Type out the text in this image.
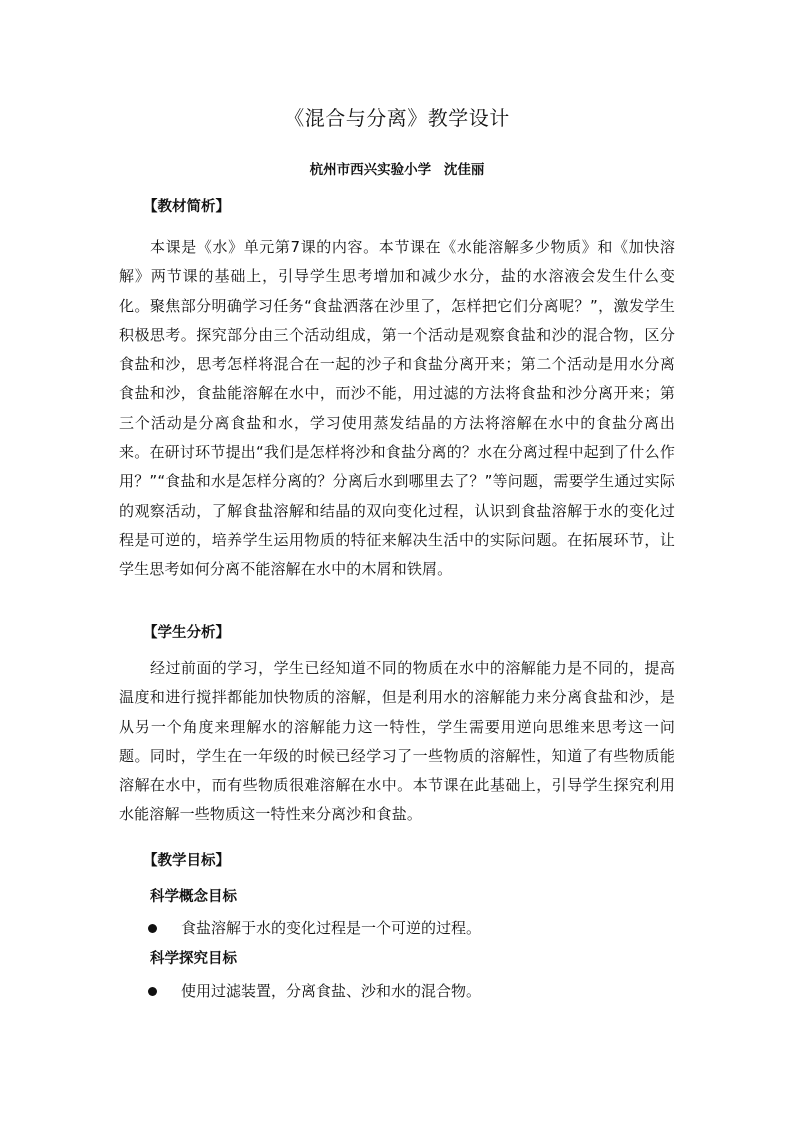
《混合与分离》教学设计
杭州市西兴实验小学 沈佳丽
【教材简析】

本课是《水》单元第7课的内容。本节课在《水能溶解多少物质》和《加快溶解》两节课的基础上，引导学生思考增加和减少水分，盐的水溶液会发生什么变化。聚焦部分明确学习任务“食盐洒落在沙里了，怎样把它们分离呢？”，激发学生积极思考。探究部分由三个活动组成，第一个活动是观察食盐和沙的混合物，区分食盐和沙，思考怎样将混合在一起的沙子和食盐分离开来；第二个活动是用水分离食盐和沙，食盐能溶解在水中，而沙不能，用过滤的方法将食盐和沙分离开来；第三个活动是分离食盐和水，学习使用蒸发结晶的方法将溶解在水中的食盐分离出来。在研讨环节提出“我们是怎样将沙和食盐分离的？水在分离过程中起到了什么作用？”“食盐和水是怎样分离的？分离后水到哪里去了？”等问题，需要学生通过实际的观察活动，了解食盐溶解和结晶的双向变化过程，认识到食盐溶解于水的变化过程是可逆的，培养学生运用物质的特征来解决生活中的实际问题。在拓展环节，让学生思考如何分离不能溶解在水中的木屑和铁屑。

【学生分析】

经过前面的学习，学生已经知道不同的物质在水中的溶解能力是不同的，提高温度和进行搅拌都能加快物质的溶解，但是利用水的溶解能力来分离食盐和沙，是从另一个角度来理解水的溶解能力这一特性，学生需要用逆向思维来思考这一问题。同时，学生在一年级的时候已经学习了一些物质的溶解性，知道了有些物质能溶解在水中，而有些物质很难溶解在水中。本节课在此基础上，引导学生探究利用水能溶解一些物质这一特性来分离沙和食盐。

【教学目标】
科学概念目标
食盐溶解于水的变化过程是一个可逆的过程。
科学探究目标
使用过滤装置，分离食盐、沙和水的混合物。
